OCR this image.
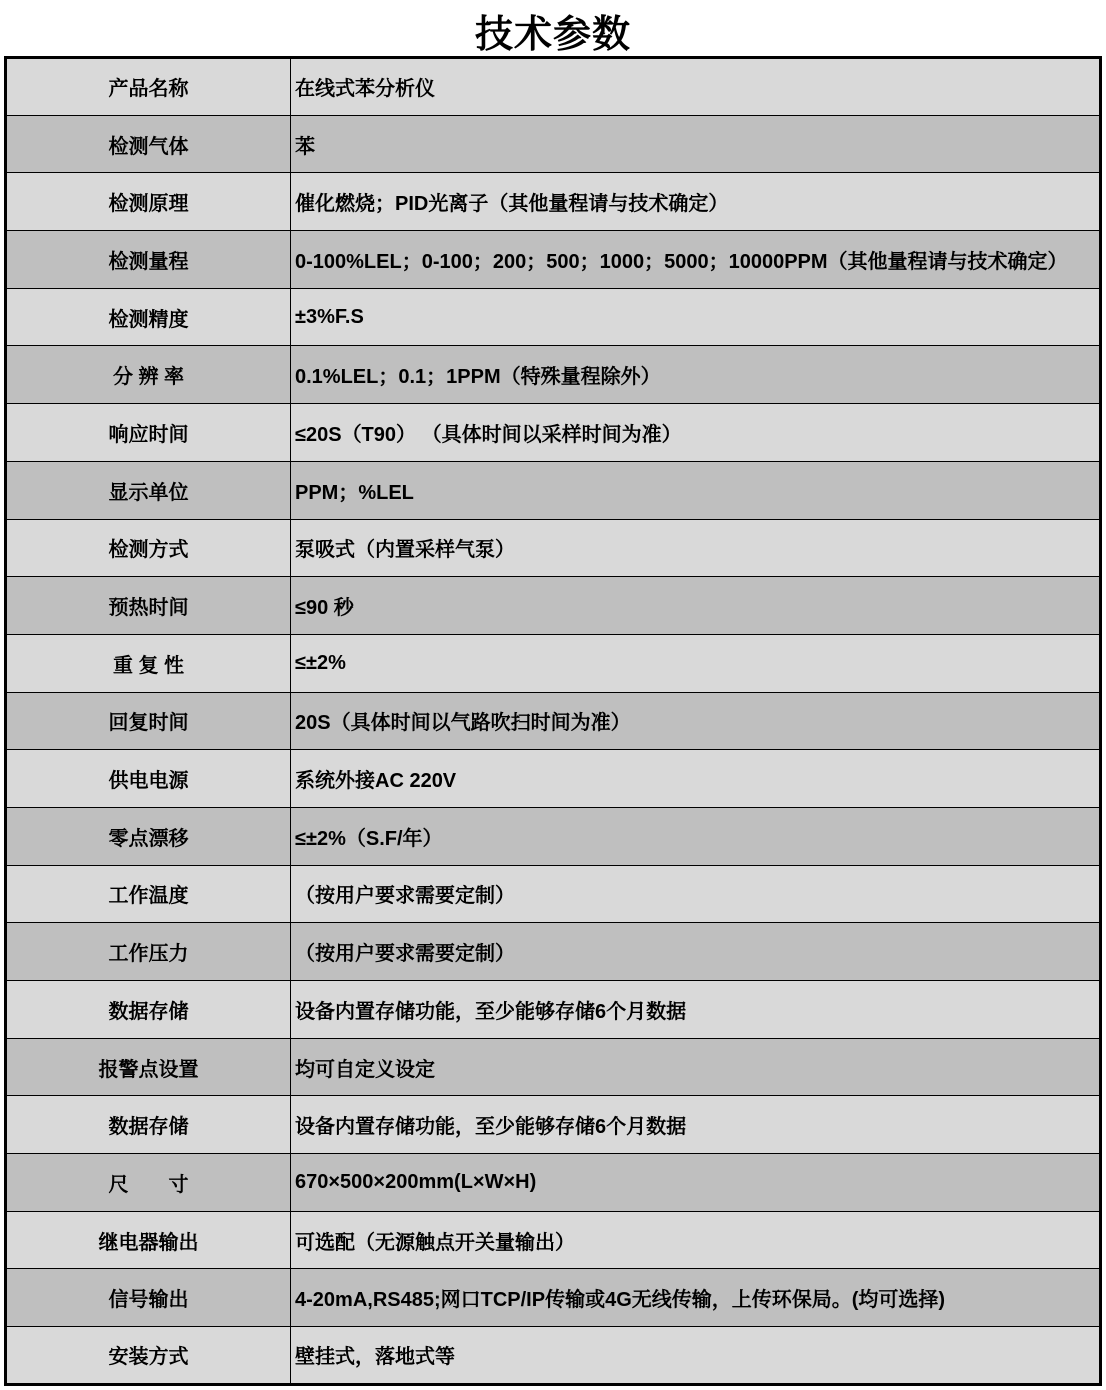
技术参数
产品名称	在线式苯分析仪
检测气体	苯
检测原理	催化燃烧；PID光离子（其他量程请与技术确定）
检测量程	0-100%LEL；0-100；200；500；1000；5000；10000PPM（其他量程请与技术确定）
检测精度	±3%F.S
分 辨 率	0.1%LEL；0.1；1PPM（特殊量程除外）
响应时间	≤20S（T90） （具体时间以采样时间为准）
显示单位	PPM；%LEL
检测方式	泵吸式（内置采样气泵）
预热时间	≤90 秒
重 复 性	≤±2%
回复时间	20S（具体时间以气路吹扫时间为准）
供电电源	系统外接AC 220V
零点漂移	≤±2%（S.F/年）
工作温度	（按用户要求需要定制）
工作压力	（按用户要求需要定制）
数据存储	设备内置存储功能，至少能够存储6个月数据
报警点设置	均可自定义设定
数据存储	设备内置存储功能，至少能够存储6个月数据
尺　　寸	670×500×200mm(L×W×H)
继电器输出	可选配（无源触点开关量输出）
信号输出	4-20mA,RS485;网口TCP/IP传输或4G无线传输，上传环保局。(均可选择)
安装方式	壁挂式，落地式等
